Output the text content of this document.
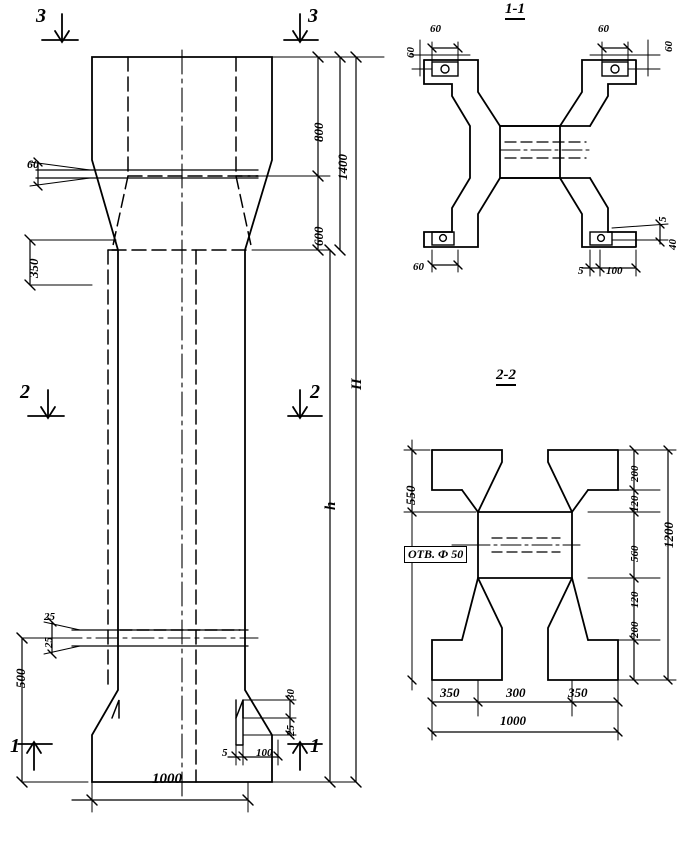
3	3
2	2
1	1
60
350
800
600
1400
H
h
500
25
25
1000
5	100
30
25
1-1
60
60
60
60
60	5 100
5
40
2-2
550
ОТВ. Ф 50
200
120
560
120
200
1200
350	300	350
1000
